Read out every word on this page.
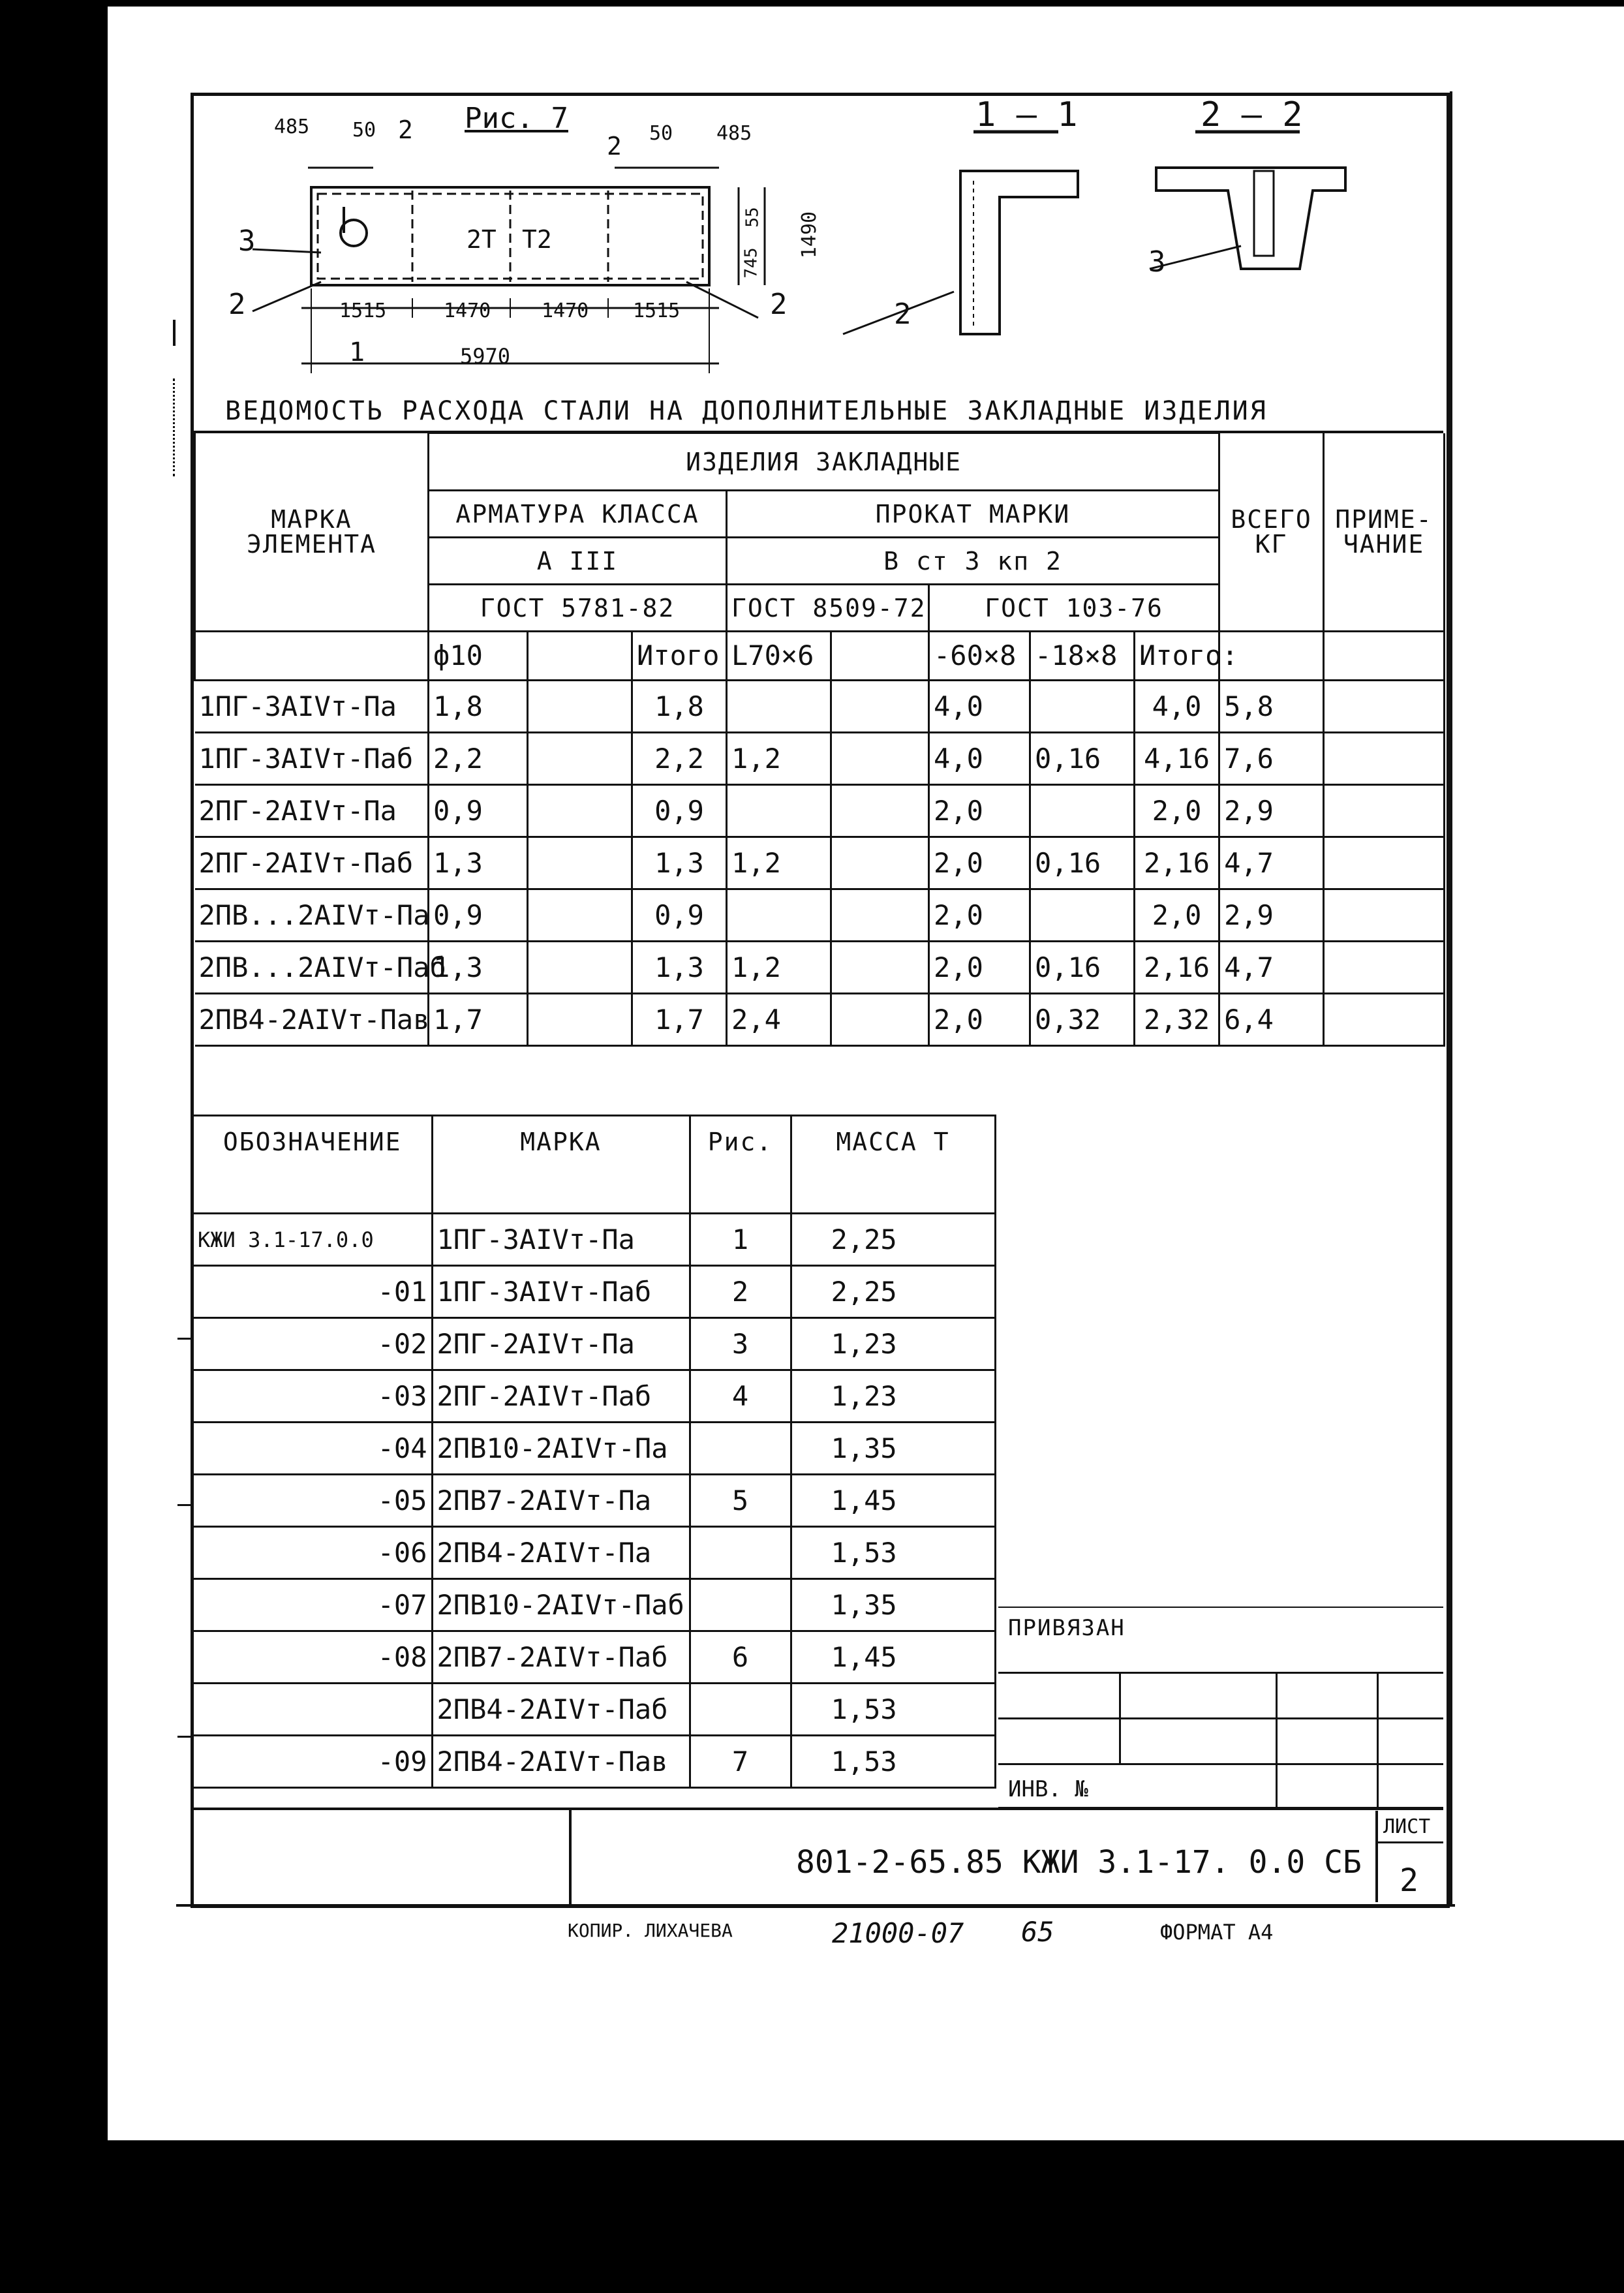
Рис. 7
485 50 2
2 50 485
3
2	2
2Т Т2
1515	1470	1470 1515
1	5970
1490
55
745
1 – 1	2 – 2
2
3
ВЕДОМОСТЬ РАСХОДА СТАЛИ НА ДОПОЛНИТЕЛЬНЫЕ ЗАКЛАДНЫЕ ИЗДЕЛИЯ
МАРКА ЭЛЕМЕНТА	ИЗДЕЛИЯ ЗАКЛАДНЫЕ								ВСЕГО КГ	ПРИМЕ-ЧАНИЕ
	АРМАТУРА КЛАССА			ПРОКАТ МАРКИ						
	А III			В ст 3 кп 2						
	ГОСТ 5781-82			ГОСТ 8509-72		ГОСТ 103-76				
	ф10		Итого	L70×6		-60×8	-18×8	Итого:		
1ПГ-3АIVт-Па	1,8		1,8			4,0		4,0	5,8	
1ПГ-3АIVт-Паб	2,2		2,2	1,2		4,0	0,16	4,16	7,6	
2ПГ-2АIVт-Па	0,9		0,9			2,0		2,0	2,9	
2ПГ-2АIVт-Паб	1,3		1,3	1,2		2,0	0,16	2,16	4,7	
2ПВ...2АIVт-Па	0,9		0,9			2,0		2,0	2,9	
2ПВ...2АIVт-Паб	1,3		1,3	1,2		2,0	0,16	2,16	4,7	
2ПВ4-2АIVт-Пав	1,7		1,7	2,4		2,0	0,32	2,32	6,4	

ОБОЗНАЧЕНИЕ	МАРКА	Рис.	МАССА Т
КЖИ 3.1-17.0.0	1ПГ-3АIVт-Па	1	2,25
-01	1ПГ-3АIVт-Паб	2	2,25
-02	2ПГ-2АIVт-Па	3	1,23
-03	2ПГ-2АIVт-Паб	4	1,23
-04	2ПВ10-2АIVт-Па		1,35
-05	2ПВ7-2АIVт-Па	5	1,45
-06	2ПВ4-2АIVт-Па		1,53
-07	2ПВ10-2АIVт-Паб		1,35
-08	2ПВ7-2АIVт-Паб	6	1,45
	2ПВ4-2АIVт-Паб		1,53
-09	2ПВ4-2АIVт-Пав	7	1,53
ПРИВЯЗАН
ИНВ. №
801-2-65.85 КЖИ 3.1-17. 0.0 СБ
ЛИСТ
2
КОПИР. ЛИХАЧЕВА	21000-07 65	ФОРМАТ А4
